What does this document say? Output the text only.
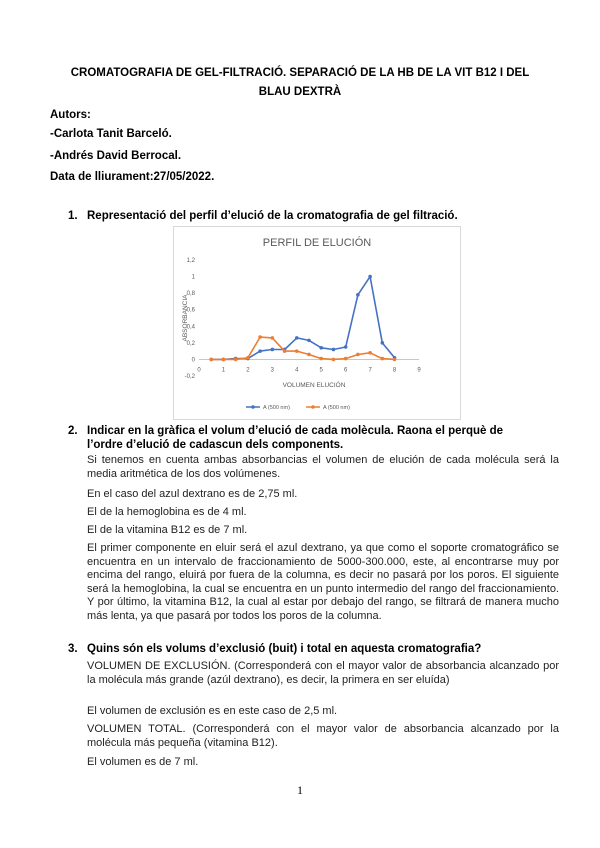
CROMATOGRAFIA DE GEL-FILTRACIÓ. SEPARACIÓ DE LA HB DE LA VIT B12 I DEL
BLAU DEXTRÀ
Autors:
-Carlota Tanit Barceló.
-Andrés David Berrocal.
Data de lliurament:27/05/2022.
1. Representació del perfil d’elució de la cromatografia de gel filtració.
PERFIL DE ELUCIÓN
-0,2
0
0,2
0,4
0,6
0,8
1
1,2
0	1	2	3	4	5	6	7	8	9
VOLUMEN ELUCIÓN
ABSORBANCIA
A (500 nm)	A (500 nm)
2. Indicar en la gràfica el volum d’elució de cada molècula. Raona el perquè de
l’ordre d’elució de cadascun dels components.
Si tenemos en cuenta ambas absorbancias el volumen de elución de cada molécula será la media aritmética de los dos volúmenes.
En el caso del azul dextrano es de 2,75 ml.
El de la hemoglobina es de 4 ml.
El de la vitamina B12 es de 7 ml.
El primer componente en eluir será el azul dextrano, ya que como el soporte cromatográfico se encuentra en un intervalo de fraccionamiento de 5000-300.000, este, al encontrarse muy por encima del rango, eluirá por fuera de la columna, es decir no pasará por los poros. El siguiente será la hemoglobina, la cual se encuentra en un punto intermedio del rango del fraccionamiento. Y por último, la vitamina B12, la cual al estar por debajo del rango, se filtrará de manera mucho más lenta, ya que pasará por todos los poros de la columna.
3. Quins són els volums d’exclusió (buit) i total en aquesta cromatografia?
VOLUMEN DE EXCLUSIÓN. (Corresponderá con el mayor valor de absorbancia alcanzado por la molécula más grande (azúl dextrano), es decir, la primera en ser eluída)
El volumen de exclusión es en este caso de 2,5 ml.
VOLUMEN TOTAL. (Corresponderá con el mayor valor de absorbancia alcanzado por la molécula más pequeña (vitamina B12).
El volumen es de 7 ml.
1
